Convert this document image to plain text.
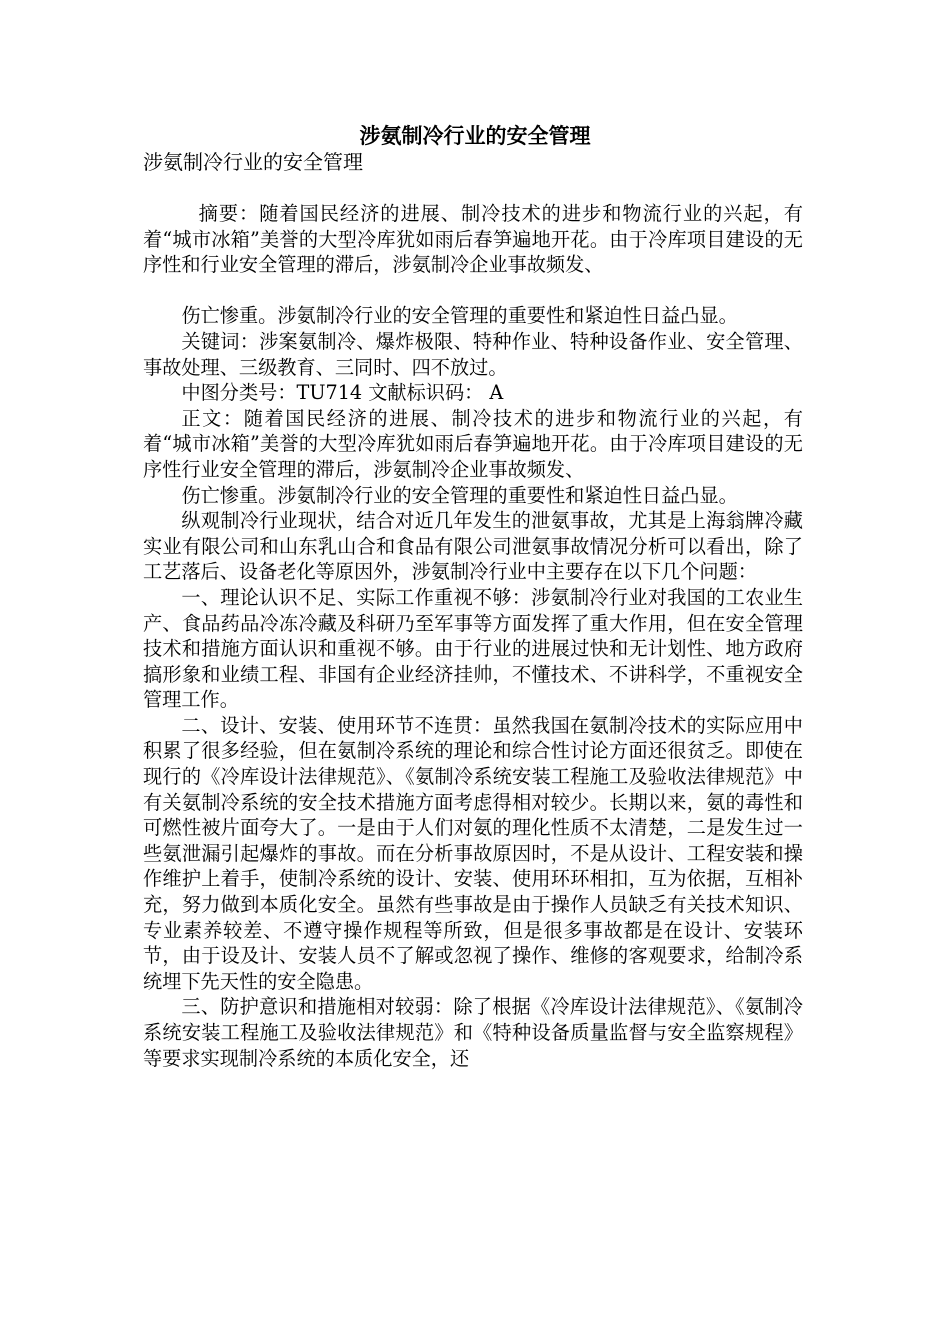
涉氨制冷行业的安全管理
涉氨制冷行业的安全管理

摘要：随着国民经济的进展、制冷技术的进步和物流行业的兴起，有着“城市冰箱”美誉的大型冷库犹如雨后春笋遍地开花。由于冷库项目建设的无序性和行业安全管理的滞后，涉氨制冷企业事故频发、

伤亡惨重。涉氨制冷行业的安全管理的重要性和紧迫性日益凸显。

关键词：涉案氨制冷、爆炸极限、特种作业、特种设备作业、安全管理、事故处理、三级教育、三同时、四不放过。

中图分类号：TU714 文献标识码： A

正文：随着国民经济的进展、制冷技术的进步和物流行业的兴起，有着“城市冰箱”美誉的大型冷库犹如雨后春笋遍地开花。由于冷库项目建设的无序性行业安全管理的滞后，涉氨制冷企业事故频发、

伤亡惨重。涉氨制冷行业的安全管理的重要性和紧迫性日益凸显。

纵观制冷行业现状，结合对近几年发生的泄氨事故，尤其是上海翁牌冷藏实业有限公司和山东乳山合和食品有限公司泄氨事故情况分析可以看出，除了工艺落后、设备老化等原因外，涉氨制冷行业中主要存在以下几个问题：

一、理论认识不足、实际工作重视不够：涉氨制冷行业对我国的工农业生产、食品药品冷冻冷藏及科研乃至军事等方面发挥了重大作用，但在安全管理技术和措施方面认识和重视不够。由于行业的进展过快和无计划性、地方政府搞形象和业绩工程、非国有企业经济挂帅，不懂技术、不讲科学，不重视安全管理工作。

二、设计、安装、使用环节不连贯：虽然我国在氨制冷技术的实际应用中积累了很多经验，但在氨制冷系统的理论和综合性讨论方面还很贫乏。即使在现行的《冷库设计法律规范》、《氨制冷系统安装工程施工及验收法律规范》中有关氨制冷系统的安全技术措施方面考虑得相对较少。长期以来，氨的毒性和可燃性被片面夸大了。一是由于人们对氨的理化性质不太清楚，二是发生过一些氨泄漏引起爆炸的事故。而在分析事故原因时，不是从设计、工程安装和操作维护上着手，使制冷系统的设计、安装、使用环环相扣，互为依据，互相补充，努力做到本质化安全。虽然有些事故是由于操作人员缺乏有关技术知识、专业素养较差、不遵守操作规程等所致，但是很多事故都是在设计、安装环节，由于设及计、安装人员不了解或忽视了操作、维修的客观要求，给制冷系统埋下先天性的安全隐患。

三、防护意识和措施相对较弱：除了根据《冷库设计法律规范》、《氨制冷系统安装工程施工及验收法律规范》和《特种设备质量监督与安全监察规程》等要求实现制冷系统的本质化安全，还
